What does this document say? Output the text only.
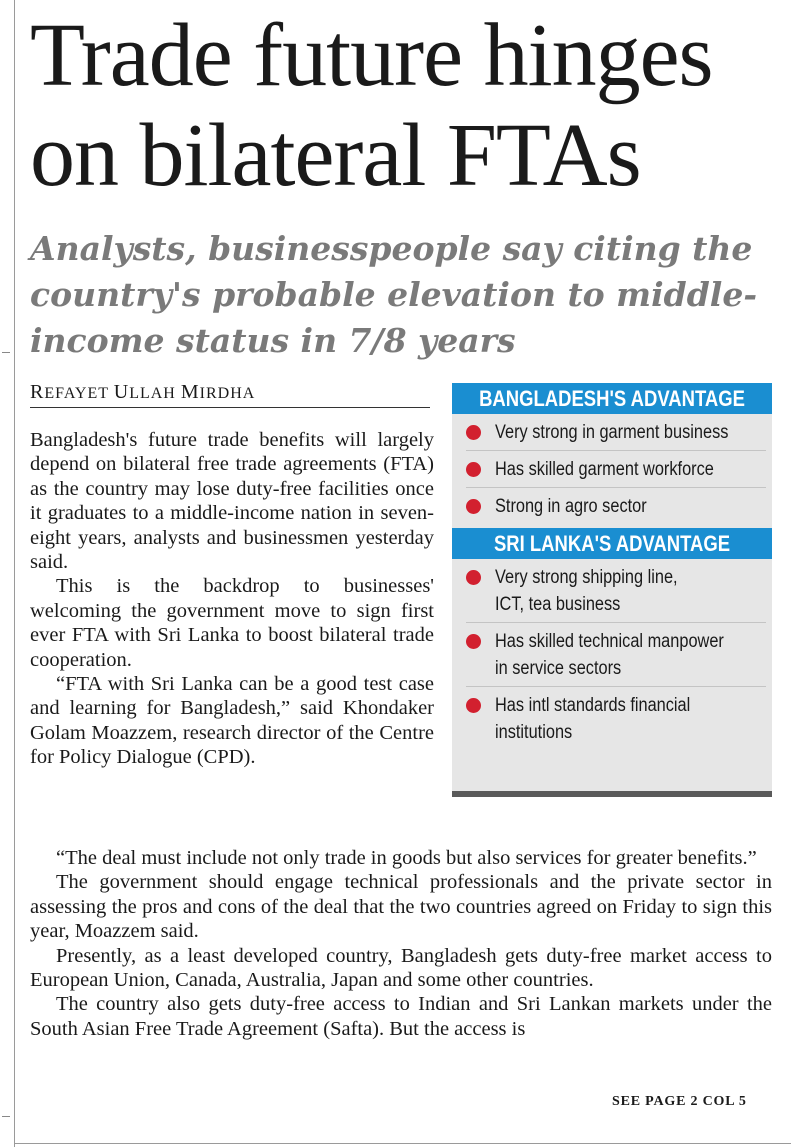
Trade future hinges
on bilateral FTAs

Analysts, businesspeople say citing the country's probable elevation to middle-income status in 7/8 years

REFAYET ULLAH MIRDHA

Bangladesh's future trade benefits will largely depend on bilateral free trade agreements (FTA) as the country may lose duty-free facilities once it graduates to a middle-income nation in seven-eight years, analysts and businessmen yesterday said.

This is the backdrop to businesses' welcoming the government move to sign first ever FTA with Sri Lanka to boost bilateral trade cooperation.

“FTA with Sri Lanka can be a good test case and learning for Bangladesh,” said Khondaker Golam Moazzem, research director of the Centre for Policy Dialogue (CPD).

“The deal must include not only trade in goods but also services for greater benefits.”

The government should engage technical professionals and the private sector in assessing the pros and cons of the deal that the two countries agreed on Friday to sign this year, Moazzem said.

Presently, as a least developed country, Bangladesh gets duty-free market access to European Union, Canada, Australia, Japan and some other countries.

The country also gets duty-free access to Indian and Sri Lankan markets under the South Asian Free Trade Agreement (Safta). But the access is

BANGLADESH'S ADVANTAGE
Very strong in garment business
Has skilled garment workforce
Strong in agro sector
SRI LANKA'S ADVANTAGE
Very strong shipping line,
ICT, tea business
Has skilled technical manpower
in service sectors
Has intl standards financial
institutions
SEE PAGE 2 COL 5
